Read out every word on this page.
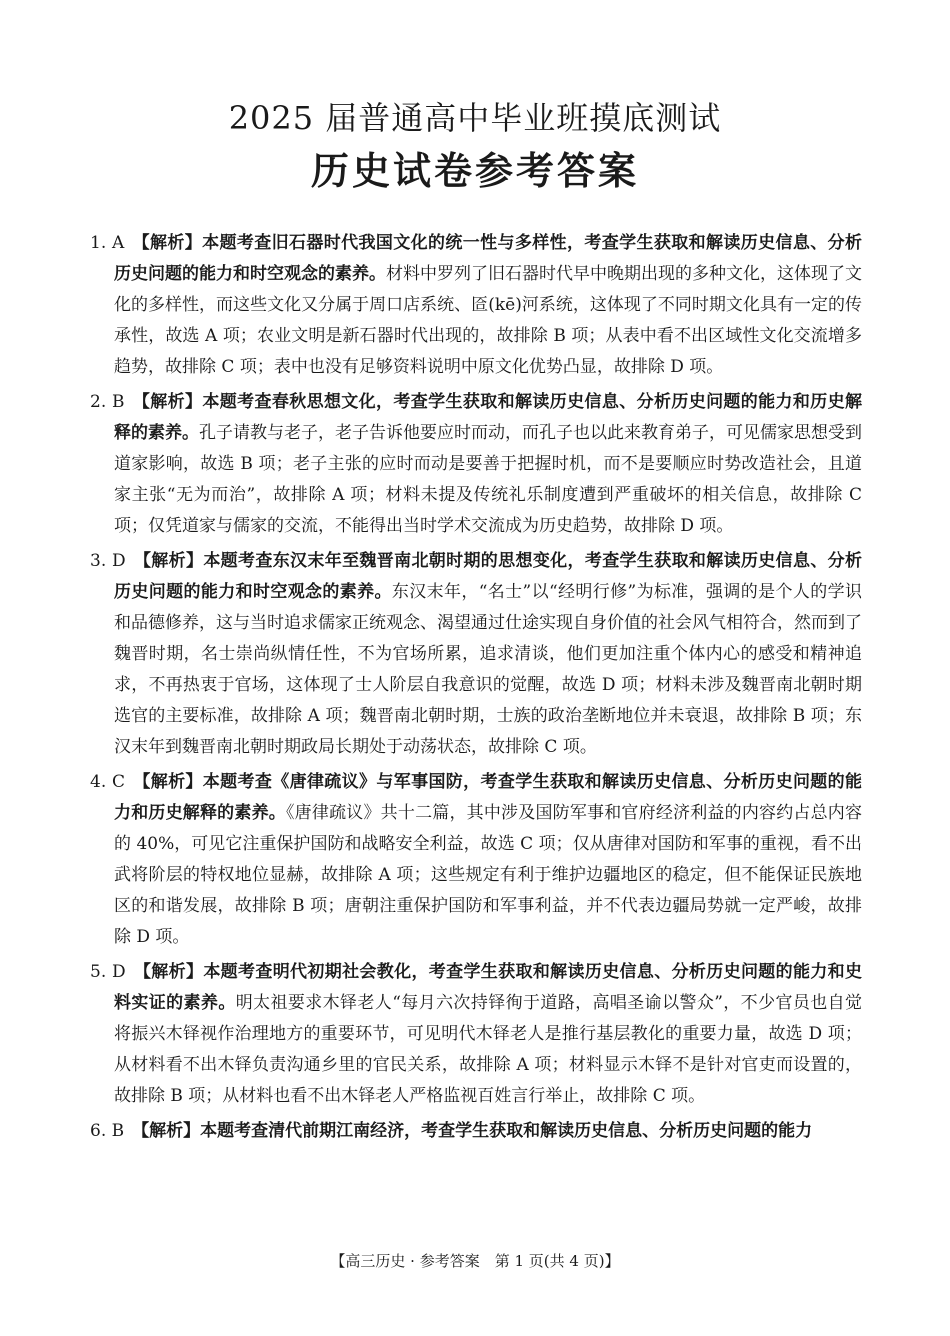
2025 届普通高中毕业班摸底测试
历史试卷参考答案
1. A 【解析】本题考查旧石器时代我国文化的统一性与多样性，考查学生获取和解读历史信息、分析历史问题的能力和时空观念的素养。材料中罗列了旧石器时代早中晚期出现的多种文化，这体现了文化的多样性，而这些文化又分属于周口店系统、匼(kē)河系统，这体现了不同时期文化具有一定的传承性，故选 A 项；农业文明是新石器时代出现的，故排除 B 项；从表中看不出区域性文化交流增多趋势，故排除 C 项；表中也没有足够资料说明中原文化优势凸显，故排除 D 项。
2. B 【解析】本题考查春秋思想文化，考查学生获取和解读历史信息、分析历史问题的能力和历史解释的素养。孔子请教与老子，老子告诉他要应时而动，而孔子也以此来教育弟子，可见儒家思想受到道家影响，故选 B 项；老子主张的应时而动是要善于把握时机，而不是要顺应时势改造社会，且道家主张“无为而治”，故排除 A 项；材料未提及传统礼乐制度遭到严重破坏的相关信息，故排除 C 项；仅凭道家与儒家的交流，不能得出当时学术交流成为历史趋势，故排除 D 项。
3. D 【解析】本题考查东汉末年至魏晋南北朝时期的思想变化，考查学生获取和解读历史信息、分析历史问题的能力和时空观念的素养。东汉末年，“名士”以“经明行修”为标准，强调的是个人的学识和品德修养，这与当时追求儒家正统观念、渴望通过仕途实现自身价值的社会风气相符合，然而到了魏晋时期，名士崇尚纵情任性，不为官场所累，追求清谈，他们更加注重个体内心的感受和精神追求，不再热衷于官场，这体现了士人阶层自我意识的觉醒，故选 D 项；材料未涉及魏晋南北朝时期选官的主要标准，故排除 A 项；魏晋南北朝时期，士族的政治垄断地位并未衰退，故排除 B 项；东汉末年到魏晋南北朝时期政局长期处于动荡状态，故排除 C 项。
4. C 【解析】本题考查《唐律疏议》与军事国防，考查学生获取和解读历史信息、分析历史问题的能力和历史解释的素养。《唐律疏议》共十二篇，其中涉及国防军事和官府经济利益的内容约占总内容的 40%，可见它注重保护国防和战略安全利益，故选 C 项；仅从唐律对国防和军事的重视，看不出武将阶层的特权地位显赫，故排除 A 项；这些规定有利于维护边疆地区的稳定，但不能保证民族地区的和谐发展，故排除 B 项；唐朝注重保护国防和军事利益，并不代表边疆局势就一定严峻，故排除 D 项。
5. D 【解析】本题考查明代初期社会教化，考查学生获取和解读历史信息、分析历史问题的能力和史料实证的素养。明太祖要求木铎老人“每月六次持铎徇于道路，高唱圣谕以警众”，不少官员也自觉将振兴木铎视作治理地方的重要环节，可见明代木铎老人是推行基层教化的重要力量，故选 D 项；从材料看不出木铎负责沟通乡里的官民关系，故排除 A 项；材料显示木铎不是针对官吏而设置的，故排除 B 项；从材料也看不出木铎老人严格监视百姓言行举止，故排除 C 项。
6. B 【解析】本题考查清代前期江南经济，考查学生获取和解读历史信息、分析历史问题的能力
【高三历史 · 参考答案　第 1 页(共 4 页)】
